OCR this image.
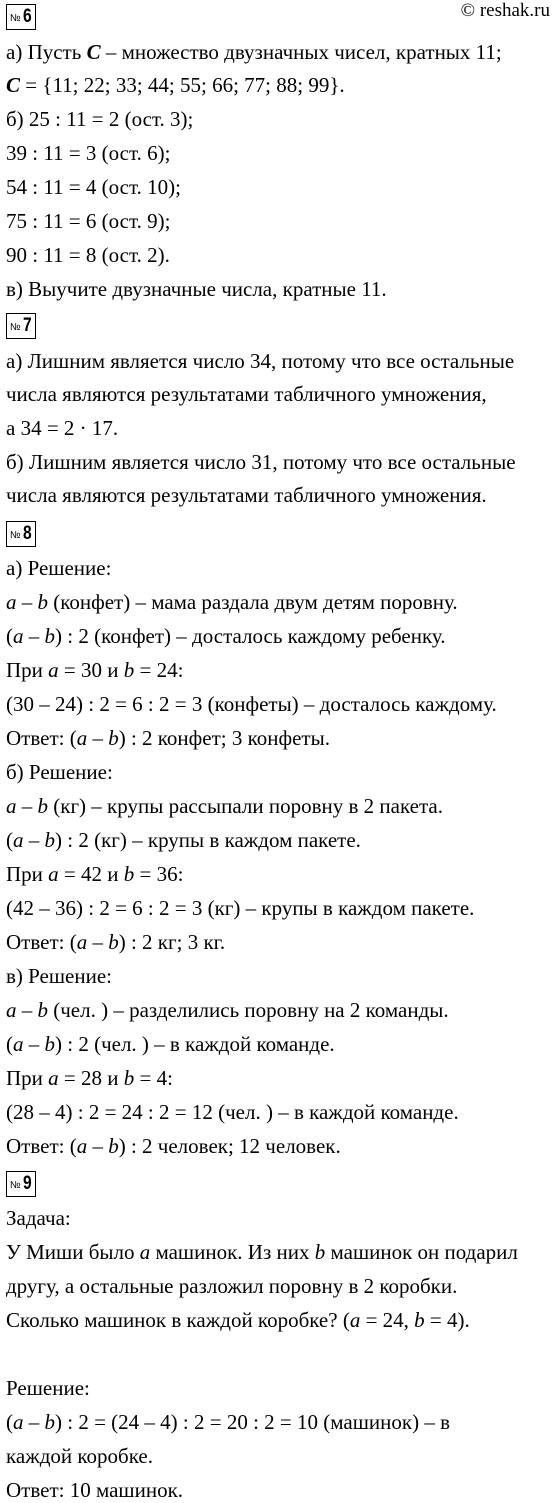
© reshak.ru
№ 6
а) Пусть C – множество двузначных чисел, кратных 11;
C = {11; 22; 33; 44; 55; 66; 77; 88; 99}.
б) 25 : 11 = 2 (ост. 3);
39 : 11 = 3 (ост. 6);
54 : 11 = 4 (ост. 10);
75 : 11 = 6 (ост. 9);
90 : 11 = 8 (ост. 2).
в) Выучите двузначные числа, кратные 11.
№ 7
а) Лишним является число 34, потому что все остальные
числа являются результатами табличного умножения,
а 34 = 2 · 17.
б) Лишним является число 31, потому что все остальные
числа являются результатами табличного умножения.
№ 8
а) Решение:
a – b (конфет) – мама раздала двум детям поровну.
(a – b) : 2 (конфет) – досталось каждому ребенку.
При a = 30 и b = 24:
(30 – 24) : 2 = 6 : 2 = 3 (конфеты) – досталось каждому.
Ответ: (a – b) : 2 конфет; 3 конфеты.
б) Решение:
a – b (кг) – крупы рассыпали поровну в 2 пакета.
(a – b) : 2 (кг) – крупы в каждом пакете.
При a = 42 и b = 36:
(42 – 36) : 2 = 6 : 2 = 3 (кг) – крупы в каждом пакете.
Ответ: (a – b) : 2 кг; 3 кг.
в) Решение:
a – b (чел. ) – разделились поровну на 2 команды.
(a – b) : 2 (чел. ) – в каждой команде.
При a = 28 и b = 4:
(28 – 4) : 2 = 24 : 2 = 12 (чел. ) – в каждой команде.
Ответ: (a – b) : 2 человек; 12 человек.
№ 9
Задача:
У Миши было a машинок. Из них b машинок он подарил
другу, а остальные разложил поровну в 2 коробки.
Сколько машинок в каждой коробке? (a = 24, b = 4).
Решение:
(a – b) : 2 = (24 – 4) : 2 = 20 : 2 = 10 (машинок) – в
каждой коробке.
Ответ: 10 машинок.
